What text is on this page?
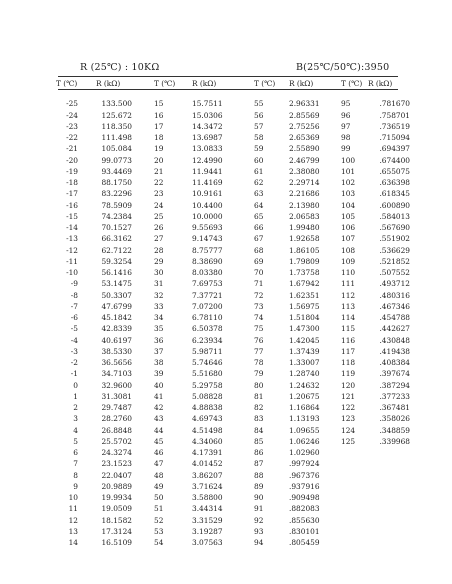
R (25℃) : 10KΩ	B(25℃/50℃):3950
T (℃)
-25
-24
-23
-22
-21
-20
-19
-18
-17
-16
-15
-14
-13
-12
-11
-10
-9
-8
-7
-6
-5
-4
-3
-2
-1
0
1
2
3
4
5
6
7
8
9
10
11
12
13
14
R (kΩ)
133.500
125.672
118.350
111.498
105.084
99.0773
93.4469
88.1750
83.2296
78.5909
74.2384
70.1527
66.3162
62.7122
59.3254
56.1416
53.1475
50.3307
47.6799
45.1842
42.8339
40.6197
38.5330
36.5656
34.7103
32.9600
31.3081
29.7487
28.2760
26.8848
25.5702
24.3274
23.1523
22.0407
20.9889
19.9934
19.0509
18.1582
17.3124
16.5109
T (℃)
15
16
17
18
19
20
21
22
23
24
25
26
27
28
29
30
31
32
33
34
35
36
37
38
39
40
41
42
43
44
45
46
47
48
49
50
51
52
53
54
R (kΩ)
15.7511
15.0306
14.3472
13.6987
13.0833
12.4990
11.9441
11.4169
10.9161
10.4400
10.0000
9.55693
9.14743
8.75777
8.38690
8.03380
7.69753
7.37721
7.07200
6.78110
6.50378
6.23934
5.98711
5.74646
5.51680
5.29758
5.08828
4.88838
4.69743
4.51498
4.34060
4.17391
4.01452
3.86207
3.71624
3.58800
3.44314
3.31529
3.19287
3.07563
T (℃)
55
56
57
58
59
60
61
62
63
64
65
66
67
68
69
70
71
72
73
74
75
76
77
78
79
80
81
82
83
84
85
86
87
88
89
90
91
92
93
94
R (kΩ)
2.96331
2.85569
2.75256
2.65369
2.55890
2.46799
2.38080
2.29714
2.21686
2.13980
2.06583
1.99480
1.92658
1.86105
1.79809
1.73758
1.67942
1.62351
1.56975
1.51804
1.47300
1.42045
1.37439
1.33007
1.28740
1.24632
1.20675
1.16864
1.13193
1.09655
1.06246
1.02960
.997924
.967376
.937916
.909498
.882083
.855630
.830101
.805459
T (℃)
95
96
97
98
99
100
101
102
103
104
105
106
107
108
109
110
111
112
113
114
115
116
117
118
119
120
121
122
123
124
125
R (kΩ)
.781670
.758701
.736519
.715094
.694397
.674400
.655075
.636398
.618345
.600890
.584013
.567690
.551902
.536629
.521852
.507552
.493712
.480316
.467346
.454788
.442627
.430848
.419438
.408384
.397674
.387294
.377233
.367481
.358026
.348859
.339968
